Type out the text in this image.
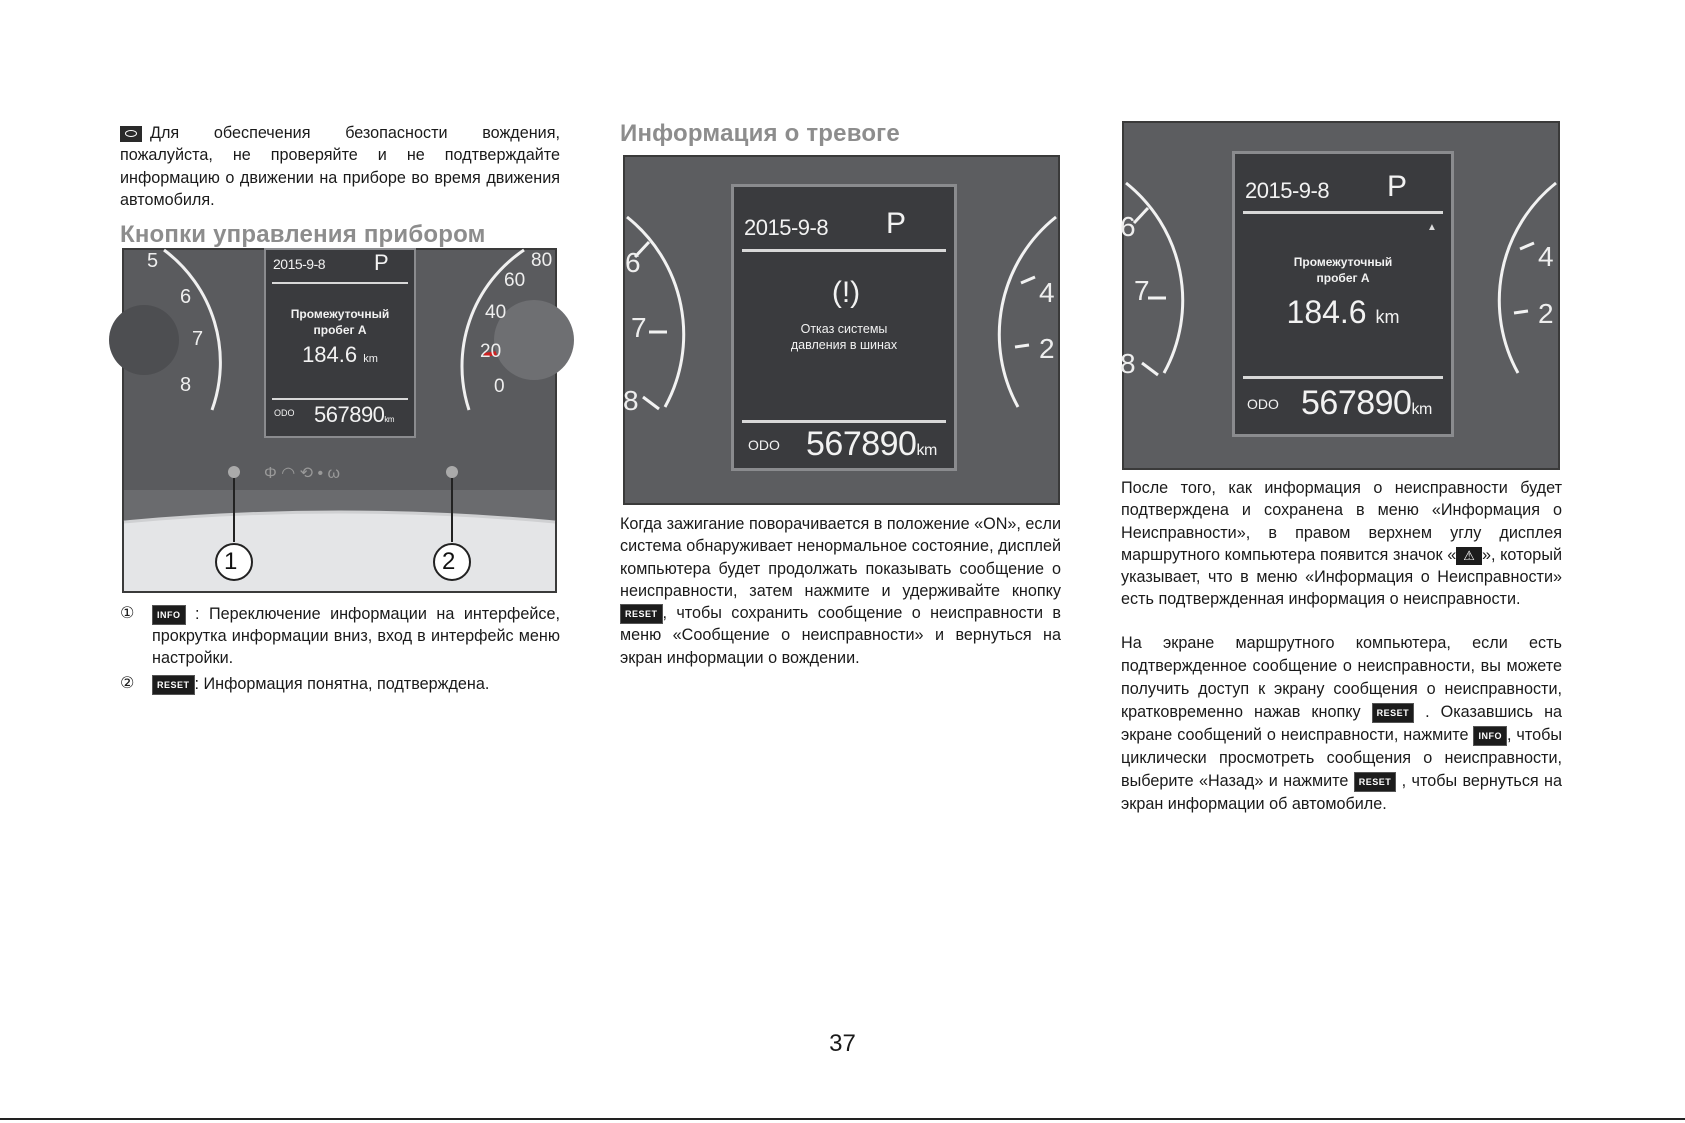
Для обеспечения безопасности вождения, пожалуйста, не проверяйте и не подтверждайте информацию о движении на приборе во время движения автомобиля.

Кнопки управления прибором
Φ ◠ ⟲ • ω
5
6
7
8
80
60
40
20
0
2015-9-8 P
Промежуточный
пробег A
184.6 km
ODO 567890km
1	2
①	INFO : Переключение информации на интерфейсе, прокрутка информации вниз, вход в интерфейс меню настройки.
②	RESET : Информация понятна, подтверждена.
Информация о тревоге
6
7
8
4
2
2015-9-8 P
(!)
Отказ системы
давления в шинах
ODO 567890km

Когда зажигание поворачивается в положение «ON», если система обнаруживает ненормальное состояние, дисплей компьютера будет продолжать показывать сообщение о неисправности, затем нажмите и удерживайте кнопку RESET , чтобы сохранить сообщение о неисправности в меню «Сообщение о неисправности» и вернуться на экран информации о вождении.

6
7
8
4
2
2015-9-8 P
▲
Промежуточный
пробег A
184.6 km
ODO 567890km

После того, как информация о неисправности будет подтверждена и сохранена в меню «Информация о Неисправности», в правом верхнем углу дисплея маршрутного компьютера появится значок « ⚠ », который указывает, что в меню «Информация о Неисправности» есть подтвержденная информация о неисправности.

На экране маршрутного компьютера, если есть подтвержденное сообщение о неисправности, вы можете получить доступ к экрану сообщения о неисправности, кратковременно нажав кнопку RESET . Оказавшись на экране сообщений о неисправности, нажмите INFO , чтобы циклически просмотреть сообщения о неисправности, выберите «Назад» и нажмите RESET , чтобы вернуться на экран информации об автомобиле.

37
